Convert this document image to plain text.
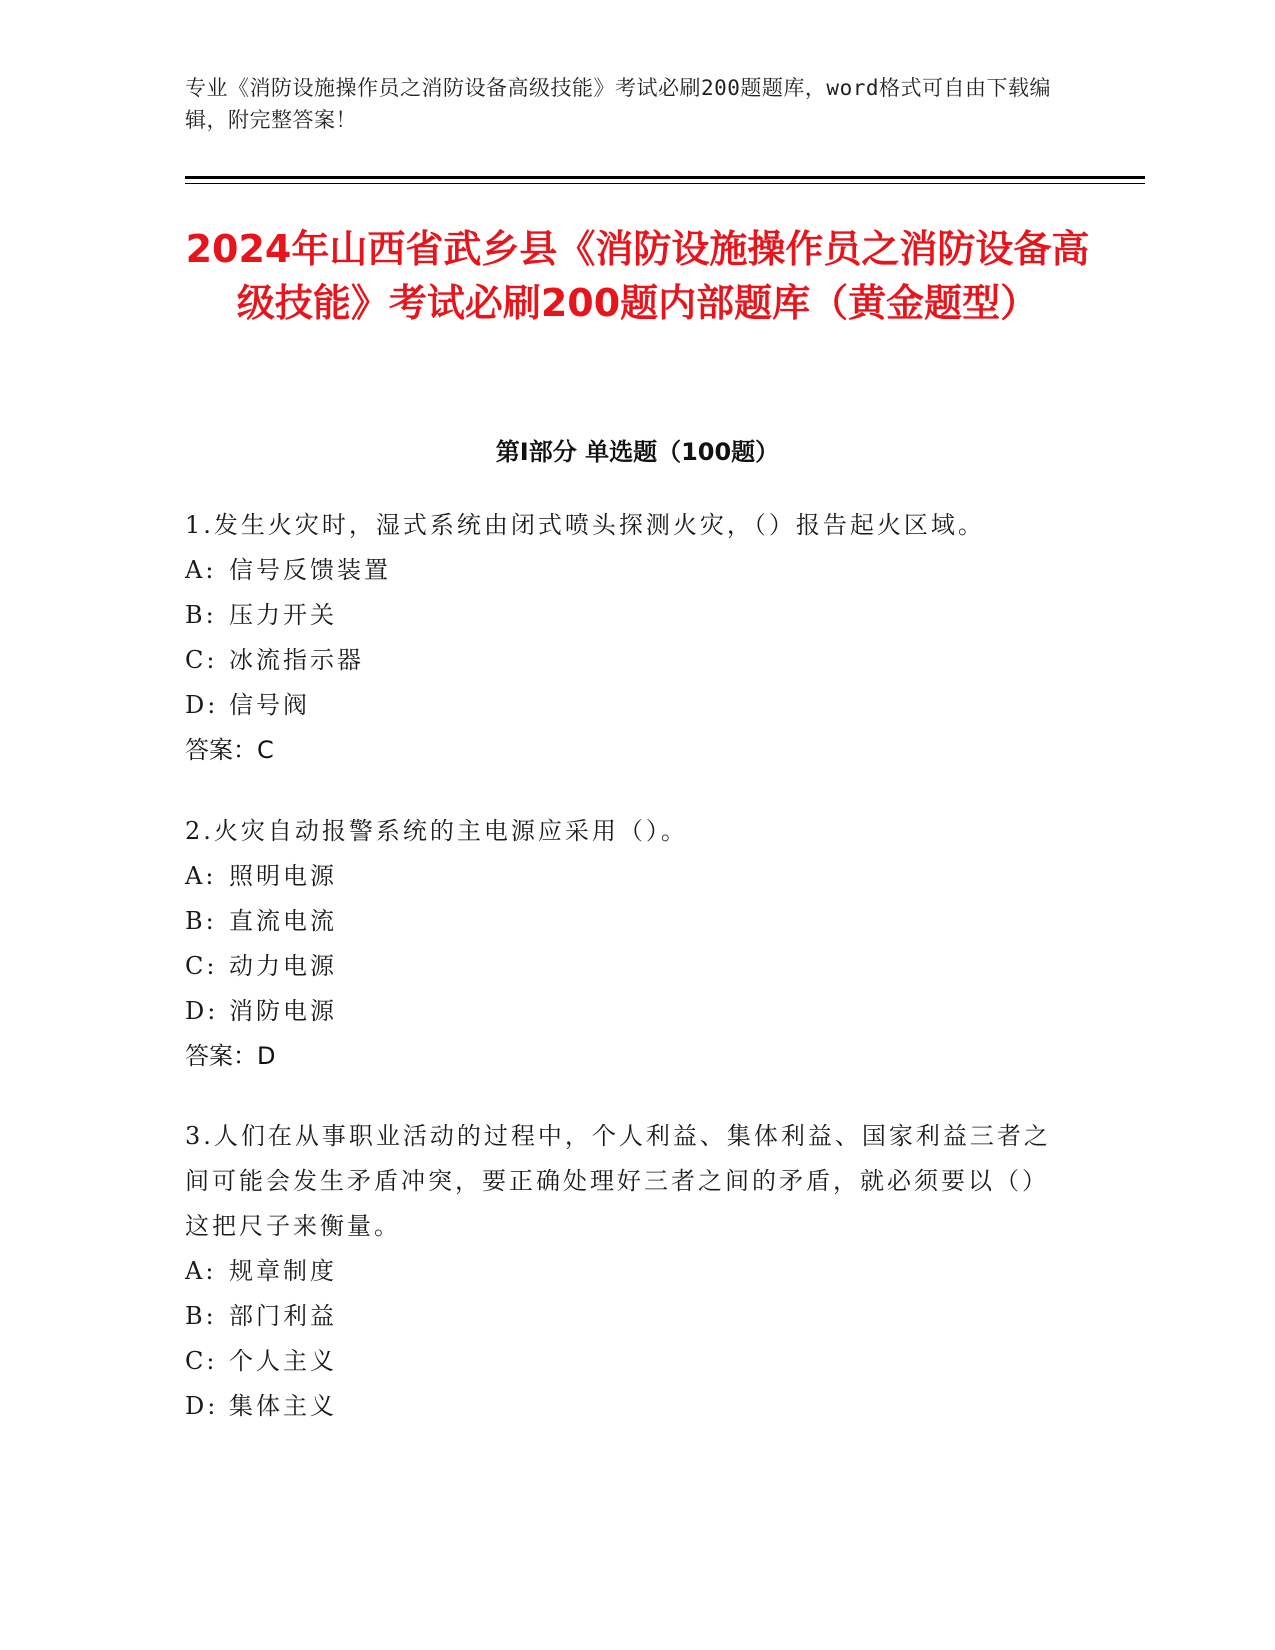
专业《消防设施操作员之消防设备高级技能》考试必刷200题题库，word格式可自由下载编辑，附完整答案！
2024年山西省武乡县《消防设施操作员之消防设备高级技能》考试必刷200题内部题库（黄金题型）
第Ⅰ部分 单选题（100题）
1.发生火灾时，湿式系统由闭式喷头探测火灾，（）报告起火区域。
A: 信号反馈装置
B: 压力开关
C: 冰流指示器
D: 信号阀
答案：C
2.火灾自动报警系统的主电源应采用（）。
A: 照明电源
B: 直流电流
C: 动力电源
D: 消防电源
答案：D
3.人们在从事职业活动的过程中，个人利益、集体利益、国家利益三者之间可能会发生矛盾冲突，要正确处理好三者之间的矛盾，就必须要以（）这把尺子来衡量。
A: 规章制度
B: 部门利益
C: 个人主义
D: 集体主义
